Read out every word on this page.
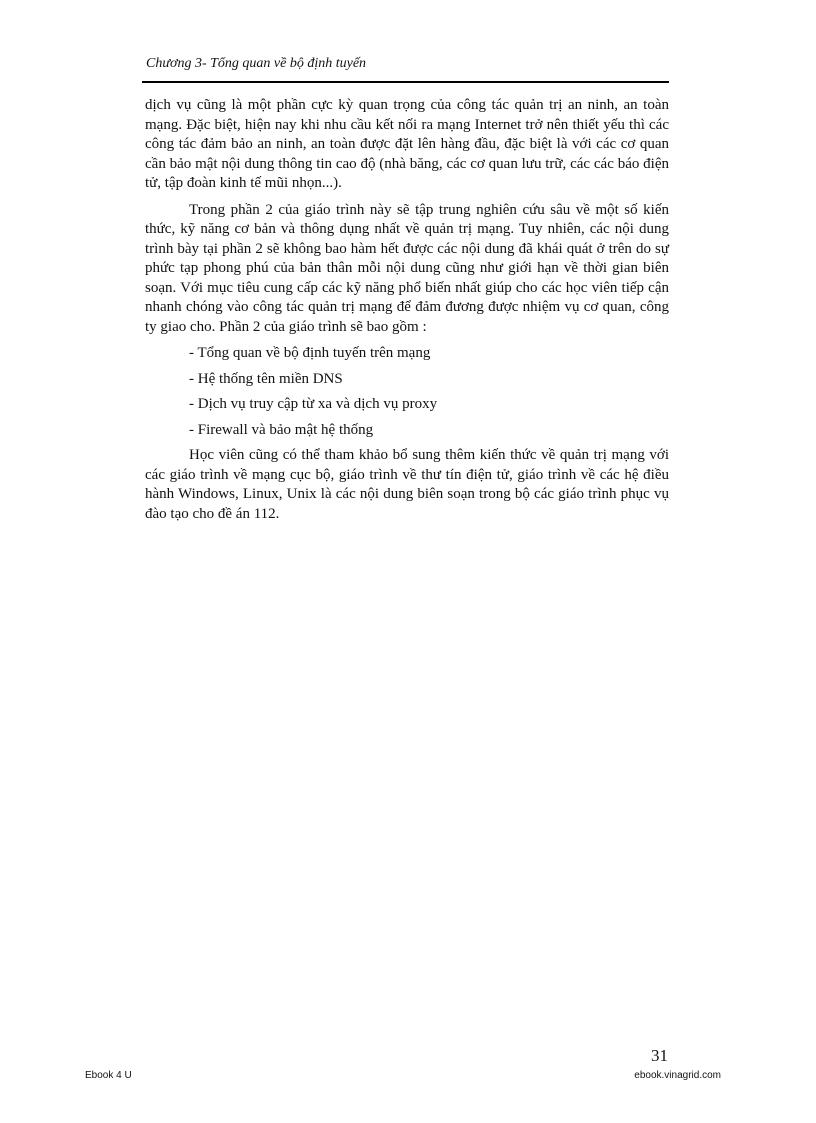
Chương 3- Tổng quan về bộ định tuyến

dịch vụ cũng là một phần cực kỳ quan trọng của công tác quản trị an ninh, an toàn mạng. Đặc biệt, hiện nay khi nhu cầu kết nối ra mạng Internet trở nên thiết yếu thì các công tác đảm bảo an ninh, an toàn được đặt lên hàng đầu, đặc biệt là với các cơ quan cần bảo mật nội dung thông tin cao độ (nhà băng, các cơ quan lưu trữ, các các báo điện tử, tập đoàn kinh tế mũi nhọn...).

Trong phần 2 của giáo trình này sẽ tập trung nghiên cứu sâu về một số kiến thức, kỹ năng cơ bản và thông dụng nhất về quản trị mạng. Tuy nhiên, các nội dung trình bày tại phần 2 sẽ không bao hàm hết được các nội dung đã khái quát ở trên do sự phức tạp phong phú của bản thân mỗi nội dung cũng như giới hạn về thời gian biên soạn. Với mục tiêu cung cấp các kỹ năng phổ biến nhất giúp cho các học viên tiếp cận nhanh chóng vào công tác quản trị mạng để đảm đương được nhiệm vụ cơ quan, công ty giao cho. Phần 2 của giáo trình sẽ bao gồm :

- Tổng quan về bộ định tuyến trên mạng
- Hệ thống tên miền DNS
- Dịch vụ truy cập từ xa và dịch vụ proxy
- Firewall và bảo mật hệ thống

Học viên cũng có thể tham khảo bổ sung thêm kiến thức về quản trị mạng với các giáo trình về mạng cục bộ, giáo trình về thư tín điện tử, giáo trình về các hệ điều hành Windows, Linux, Unix là các nội dung biên soạn trong bộ các giáo trình phục vụ đào tạo cho đề án 112.

31
Ebook 4 U	ebook.vinagrid.com
